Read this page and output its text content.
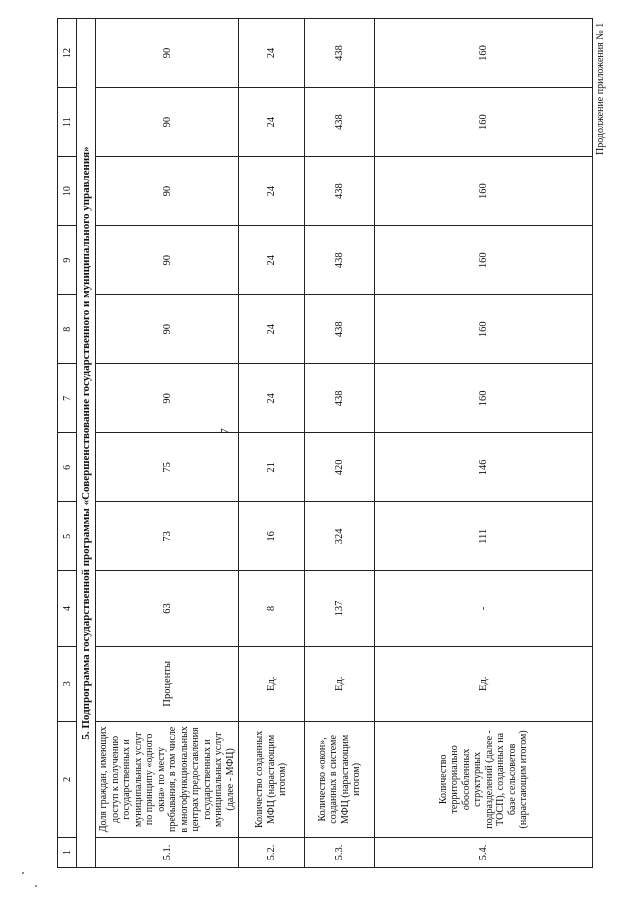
7
Продолжение приложения № 1
1	2	3	4	5	6	7	8	9	10	11	12
5. Подпрограмма государственной программы «Совершенствование государственного и муниципального управления»											
5.1.	Доля граждан, имеющих доступ к получению государственных и муниципальных услуг по принципу «одного окна» по месту пребывания, в том числе в многофункциональных центрах предоставления государственных и муниципальных услуг (далее - МФЦ)	Проценты	63	73	75	90	90	90	90	90	90
5.2.	Количество созданных МФЦ (нарастающим итогом)	Ед.	8	16	21	24	24	24	24	24	24
5.3.	Количество «окон», созданных в системе МФЦ (нарастающим итогом)	Ед.	137	324	420	438	438	438	438	438	438
5.4.	Количество территориально обособленных структурных подразделений (далее - ТОСП), созданных на базе сельсоветов (нарастающим итогом)	Ед.	-	111	146	160	160	160	160	160	160
